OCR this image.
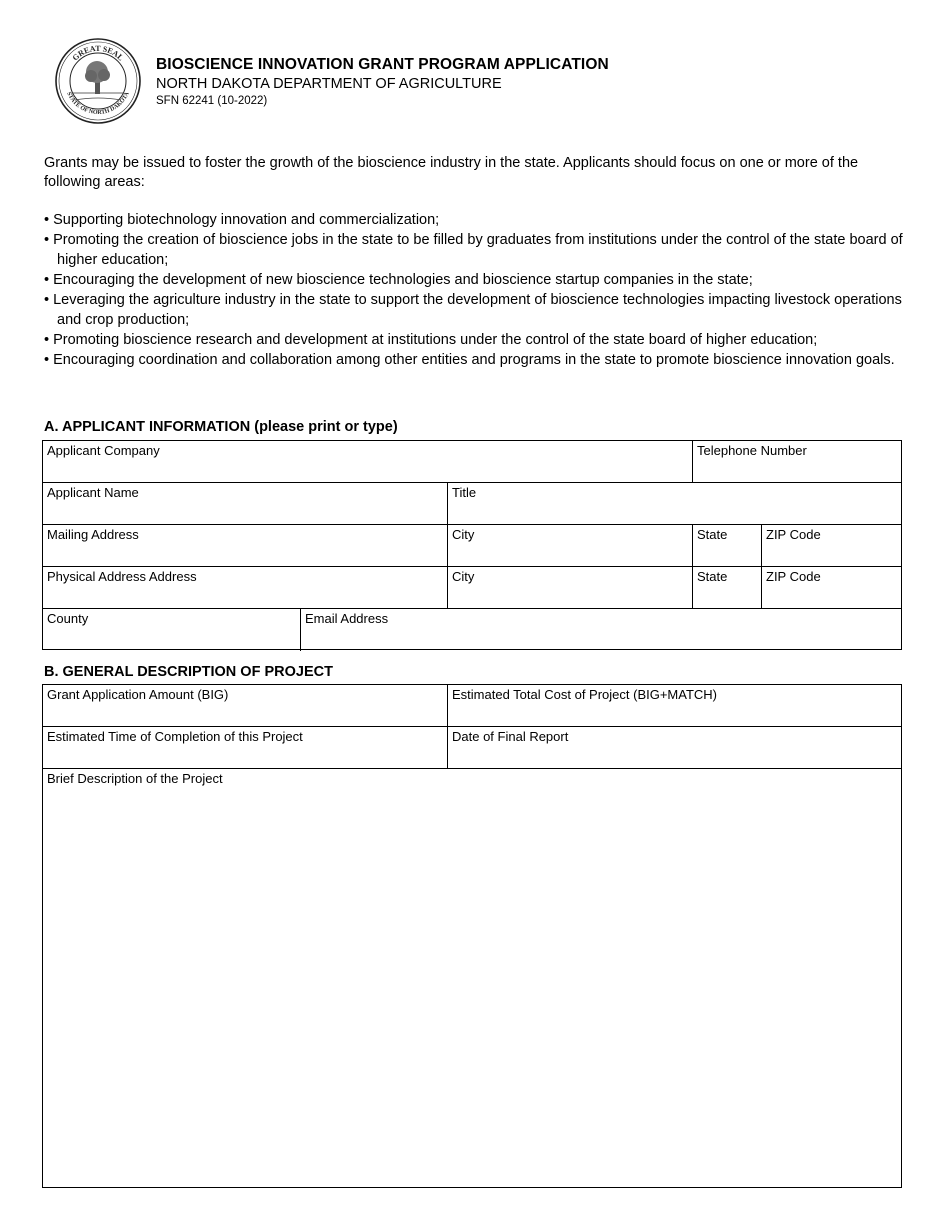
GREAT SEAL
STATE OF NORTH DAKOTA
BIOSCIENCE INNOVATION GRANT PROGRAM APPLICATION
NORTH DAKOTA DEPARTMENT OF AGRICULTURE
SFN 62241 (10-2022)

Grants may be issued to foster the growth of the bioscience industry in the state. Applicants should focus on one or more of the following areas:

• Supporting biotechnology innovation and commercialization;
• Promoting the creation of bioscience jobs in the state to be filled by graduates from institutions under the control of the state board of higher education;
• Encouraging the development of new bioscience technologies and bioscience startup companies in the state;
• Leveraging the agriculture industry in the state to support the development of bioscience technologies impacting livestock operations and crop production;
• Promoting bioscience research and development at institutions under the control of the state board of higher education;
• Encouraging coordination and collaboration among other entities and programs in the state to promote bioscience innovation goals.
A. APPLICANT INFORMATION (please print or type)
Applicant Company	Telephone Number
Applicant Name	Title
Mailing Address	City	State	ZIP Code
Physical Address Address	City	State	ZIP Code
County	Email Address
B. GENERAL DESCRIPTION OF PROJECT
Grant Application Amount (BIG)	Estimated Total Cost of Project (BIG+MATCH)
Estimated Time of Completion of this Project	Date of Final Report
Brief Description of the Project
